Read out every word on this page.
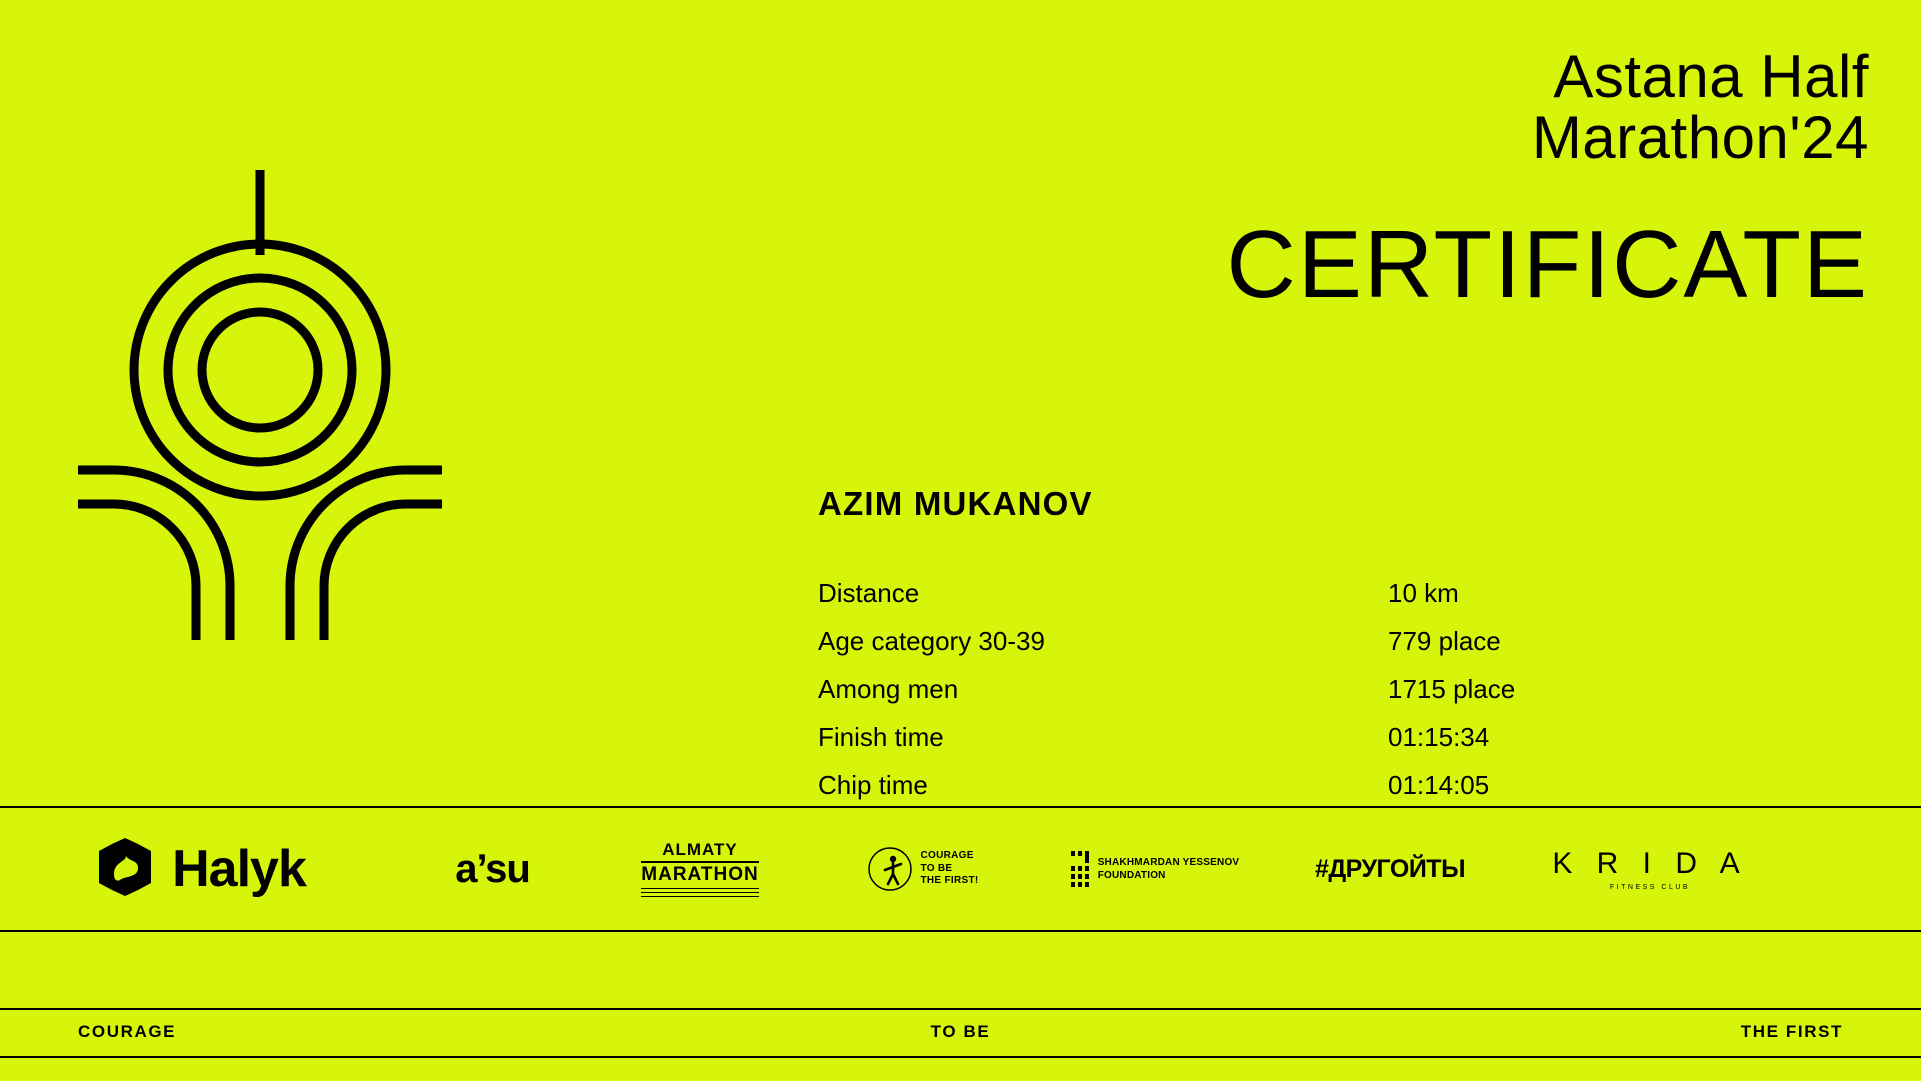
Astana Half
Marathon'24
CERTIFICATE
AZIM MUKANOV
Distance	10 km
Age category 30-39	779 place
Among men	1715 place
Finish time	01:15:34
Chip time	01:14:05
Halyk	a’su	ALMATY
MARATHON
COURAGE
TO BE
THE FIRST!
SHAKHMARDAN YESSENOV
FOUNDATION	#ДРУГОЙТЫ	K R I D A
FITNESS CLUB
COURAGE	TO BE	THE FIRST
